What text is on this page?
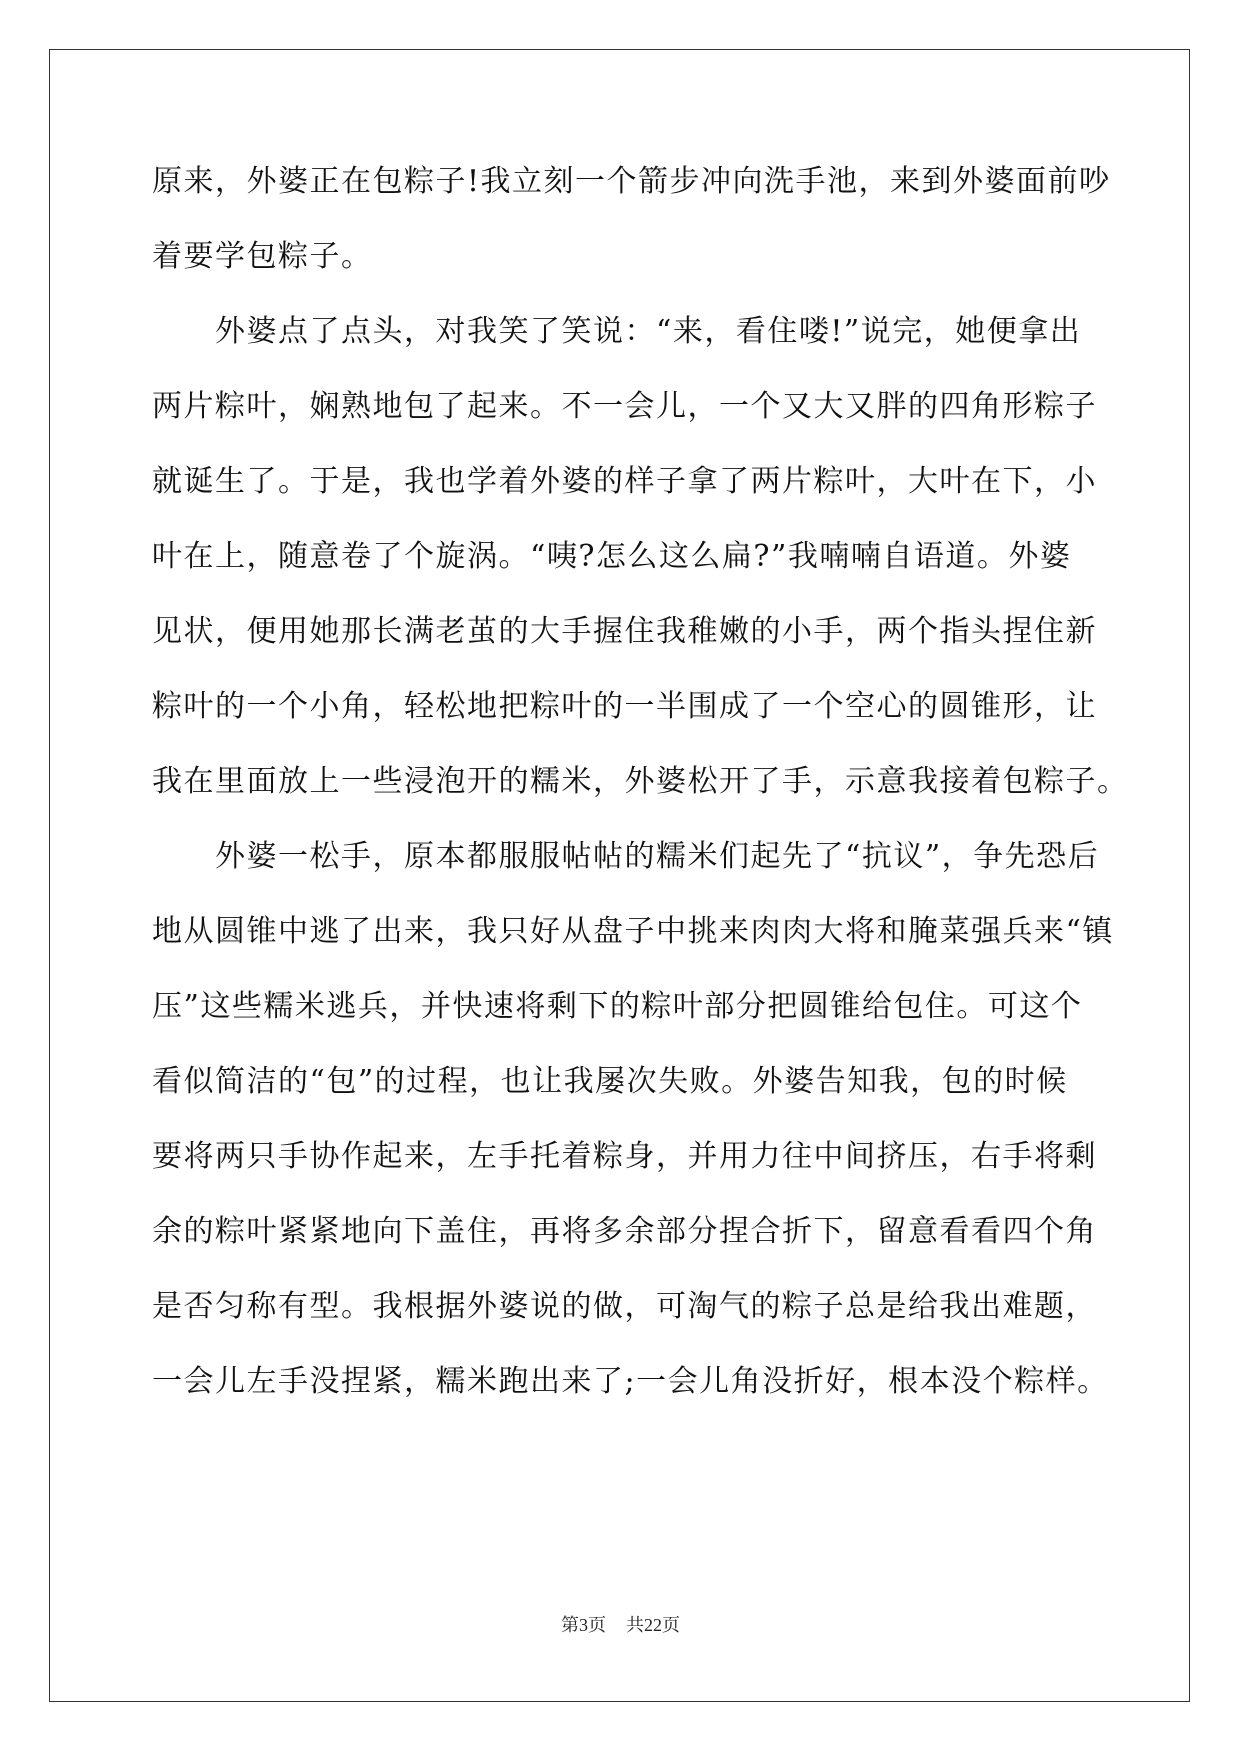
原来，外婆正在包粽子!我立刻一个箭步冲向洗手池，来到外婆面前吵
着要学包粽子。
外婆点了点头，对我笑了笑说：“来，看住喽!”说完，她便拿出
两片粽叶，娴熟地包了起来。不一会儿，一个又大又胖的四角形粽子
就诞生了。于是，我也学着外婆的样子拿了两片粽叶，大叶在下，小
叶在上，随意卷了个旋涡。“咦?怎么这么扁?”我喃喃自语道。外婆
见状，便用她那长满老茧的大手握住我稚嫩的小手，两个指头捏住新
粽叶的一个小角，轻松地把粽叶的一半围成了一个空心的圆锥形，让
我在里面放上一些浸泡开的糯米，外婆松开了手，示意我接着包粽子。
外婆一松手，原本都服服帖帖的糯米们起先了“抗议”，争先恐后
地从圆锥中逃了出来，我只好从盘子中挑来肉肉大将和腌菜强兵来“镇
压”这些糯米逃兵，并快速将剩下的粽叶部分把圆锥给包住。可这个
看似简洁的“包”的过程，也让我屡次失败。外婆告知我，包的时候
要将两只手协作起来，左手托着粽身，并用力往中间挤压，右手将剩
余的粽叶紧紧地向下盖住，再将多余部分捏合折下，留意看看四个角
是否匀称有型。我根据外婆说的做，可淘气的粽子总是给我出难题，
一会儿左手没捏紧，糯米跑出来了;一会儿角没折好，根本没个粽样。
第3页 共22页
